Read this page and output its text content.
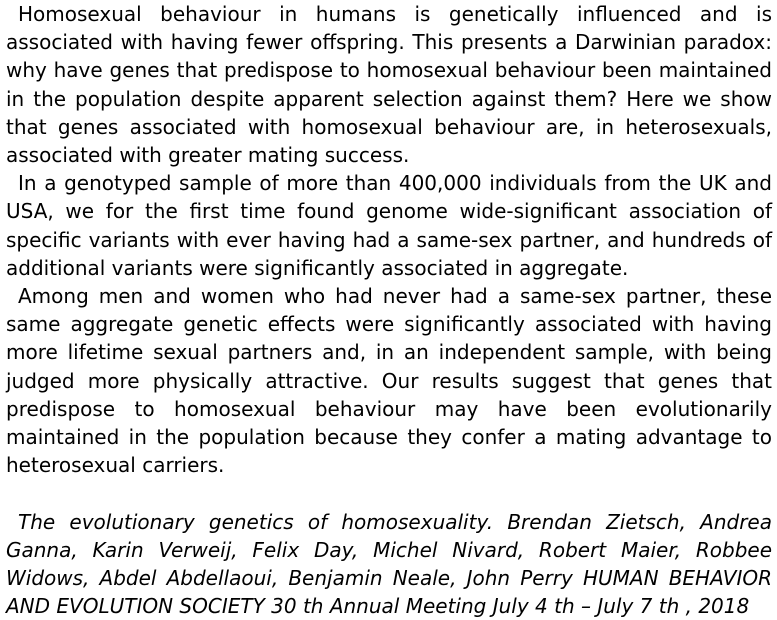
Homosexual behaviour in humans is genetically influenced and is associated with having fewer offspring. This presents a Darwinian paradox: why have genes that predispose to homosexual behaviour been maintained in the population despite apparent selection against them? Here we show that genes associated with homosexual behaviour are, in heterosexuals, associated with greater mating success.

In a genotyped sample of more than 400,000 individuals from the UK and USA, we for the first time found genome wide-significant association of specific variants with ever having had a same-sex partner, and hundreds of additional variants were significantly associated in aggregate.

Among men and women who had never had a same-sex partner, these same aggregate genetic effects were significantly associated with having more lifetime sexual partners and, in an independent sample, with being judged more physically attractive. Our results suggest that genes that predispose to homosexual behaviour may have been evolutionarily maintained in the population because they confer a mating advantage to heterosexual carriers.

The evolutionary genetics of homosexuality. Brendan Zietsch, Andrea Ganna, Karin Verweij, Felix Day, Michel Nivard, Robert Maier, Robbee Widows, Abdel Abdellaoui, Benjamin Neale, John Perry HUMAN BEHAVIOR AND EVOLUTION SOCIETY 30 th Annual Meeting July 4 th – July 7 th , 2018
